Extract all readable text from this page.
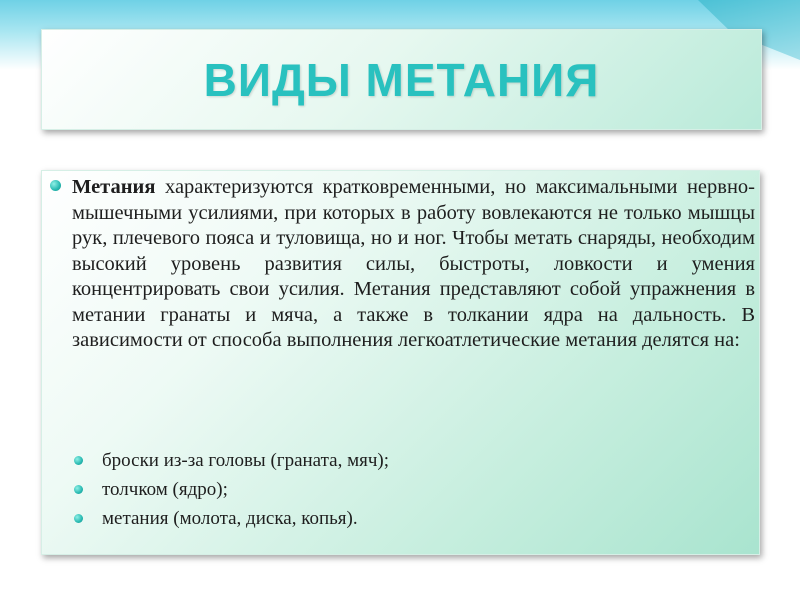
ВИДЫ МЕТАНИЯ

Метания характеризуются кратковременными, но максимальными нервно-мышечными усилиями, при которых в работу вовлекаются не только мышцы рук, плечевого пояса и туловища, но и ног. Чтобы метать снаряды, необходим высокий уровень развития силы, быстроты, ловкости и умения концентрировать свои усилия. Метания представляют собой упражнения в метании гранаты и мяча, а также в толкании ядра на дальность. В зависимости от способа выполнения легкоатлетические метания делятся на:

броски из-за головы (граната, мяч);
толчком (ядро);
метания (молота, диска, копья).
